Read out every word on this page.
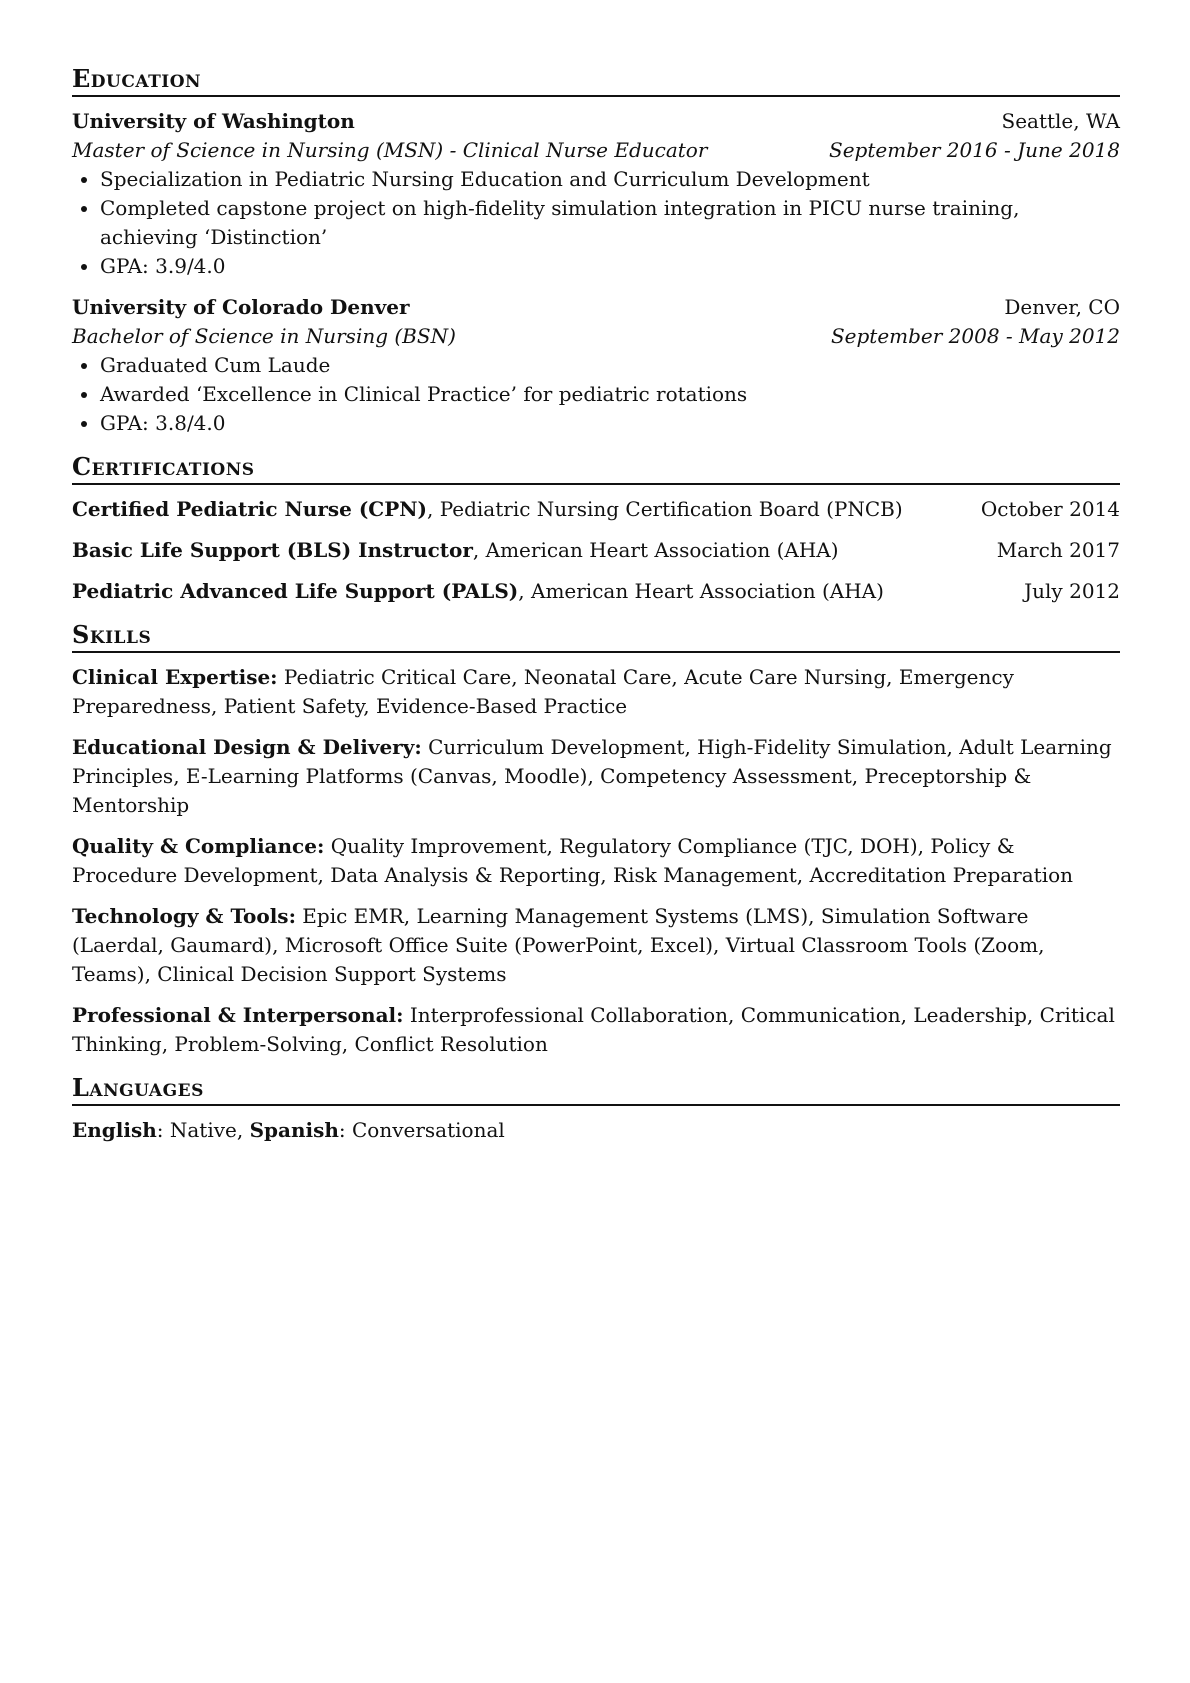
Education
University of Washington	Seattle, WA
Master of Science in Nursing (MSN) - Clinical Nurse Educator	September 2016 - June 2018
• Specialization in Pediatric Nursing Education and Curriculum Development
• Completed capstone project on high-fidelity simulation integration in PICU nurse training, achieving ‘Distinction’
• GPA: 3.9/4.0
University of Colorado Denver	Denver, CO
Bachelor of Science in Nursing (BSN)	September 2008 - May 2012
• Graduated Cum Laude
• Awarded ‘Excellence in Clinical Practice’ for pediatric rotations
• GPA: 3.8/4.0
Certifications
Certified Pediatric Nurse (CPN), Pediatric Nursing Certification Board (PNCB)	October 2014
Basic Life Support (BLS) Instructor, American Heart Association (AHA)	March 2017
Pediatric Advanced Life Support (PALS), American Heart Association (AHA)	July 2012
Skills
Clinical Expertise: Pediatric Critical Care, Neonatal Care, Acute Care Nursing, Emergency Preparedness, Patient Safety, Evidence-Based Practice
Educational Design & Delivery: Curriculum Development, High-Fidelity Simulation, Adult Learning Principles, E-Learning Platforms (Canvas, Moodle), Competency Assessment, Preceptorship & Mentorship
Quality & Compliance: Quality Improvement, Regulatory Compliance (TJC, DOH), Policy & Procedure Development, Data Analysis & Reporting, Risk Management, Accreditation Preparation
Technology & Tools: Epic EMR, Learning Management Systems (LMS), Simulation Software (Laerdal, Gaumard), Microsoft Office Suite (PowerPoint, Excel), Virtual Classroom Tools (Zoom, Teams), Clinical Decision Support Systems
Professional & Interpersonal: Interprofessional Collaboration, Communication, Leadership, Critical Thinking, Problem-Solving, Conflict Resolution
Languages
English: Native, Spanish: Conversational
